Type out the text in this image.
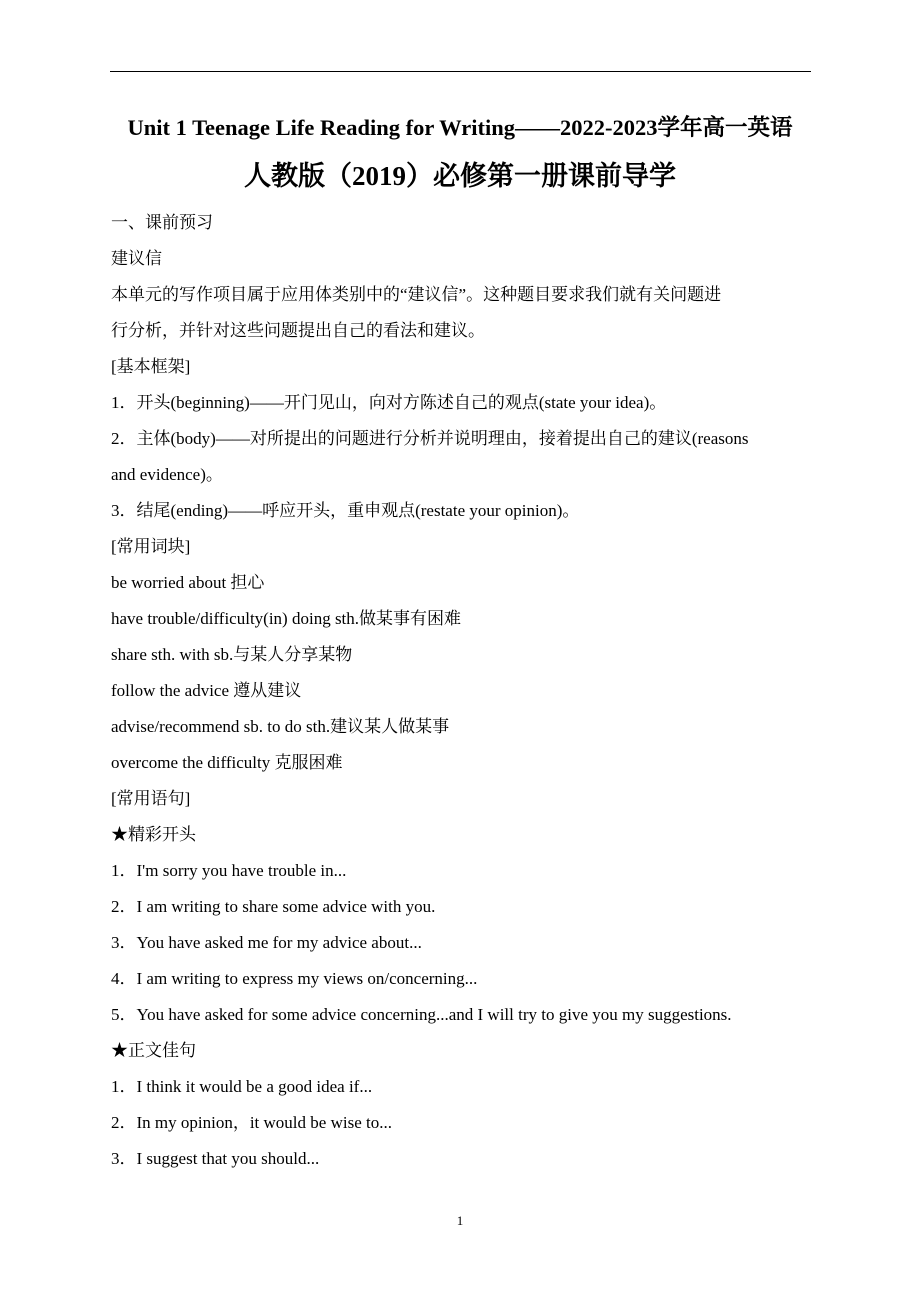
Unit 1 Teenage Life Reading for Writing——2022-2023学年高一英语
人教版（2019）必修第一册课前导学
一、课前预习
建议信
本单元的写作项目属于应用体类别中的“建议信”。这种题目要求我们就有关问题进
行分析，并针对这些问题提出自己的看法和建议。
[基本框架]
1．开头(beginning)——开门见山，向对方陈述自己的观点(state your idea)。
2．主体(body)——对所提出的问题进行分析并说明理由，接着提出自己的建议(reasons
and evidence)。
3．结尾(ending)——呼应开头，重申观点(restate your opinion)。
[常用词块]
be worried about 担心
have trouble/difficulty(in) doing sth.做某事有困难
share sth. with sb.与某人分享某物
follow the advice 遵从建议
advise/recommend sb. to do sth.建议某人做某事
overcome the difficulty 克服困难
[常用语句]
★精彩开头
1．I'm sorry you have trouble in...
2．I am writing to share some advice with you.
3．You have asked me for my advice about...
4．I am writing to express my views on/concerning...
5．You have asked for some advice concerning...and I will try to give you my suggestions.
★正文佳句
1．I think it would be a good idea if...
2．In my opinion，it would be wise to...
3．I suggest that you should...
1
